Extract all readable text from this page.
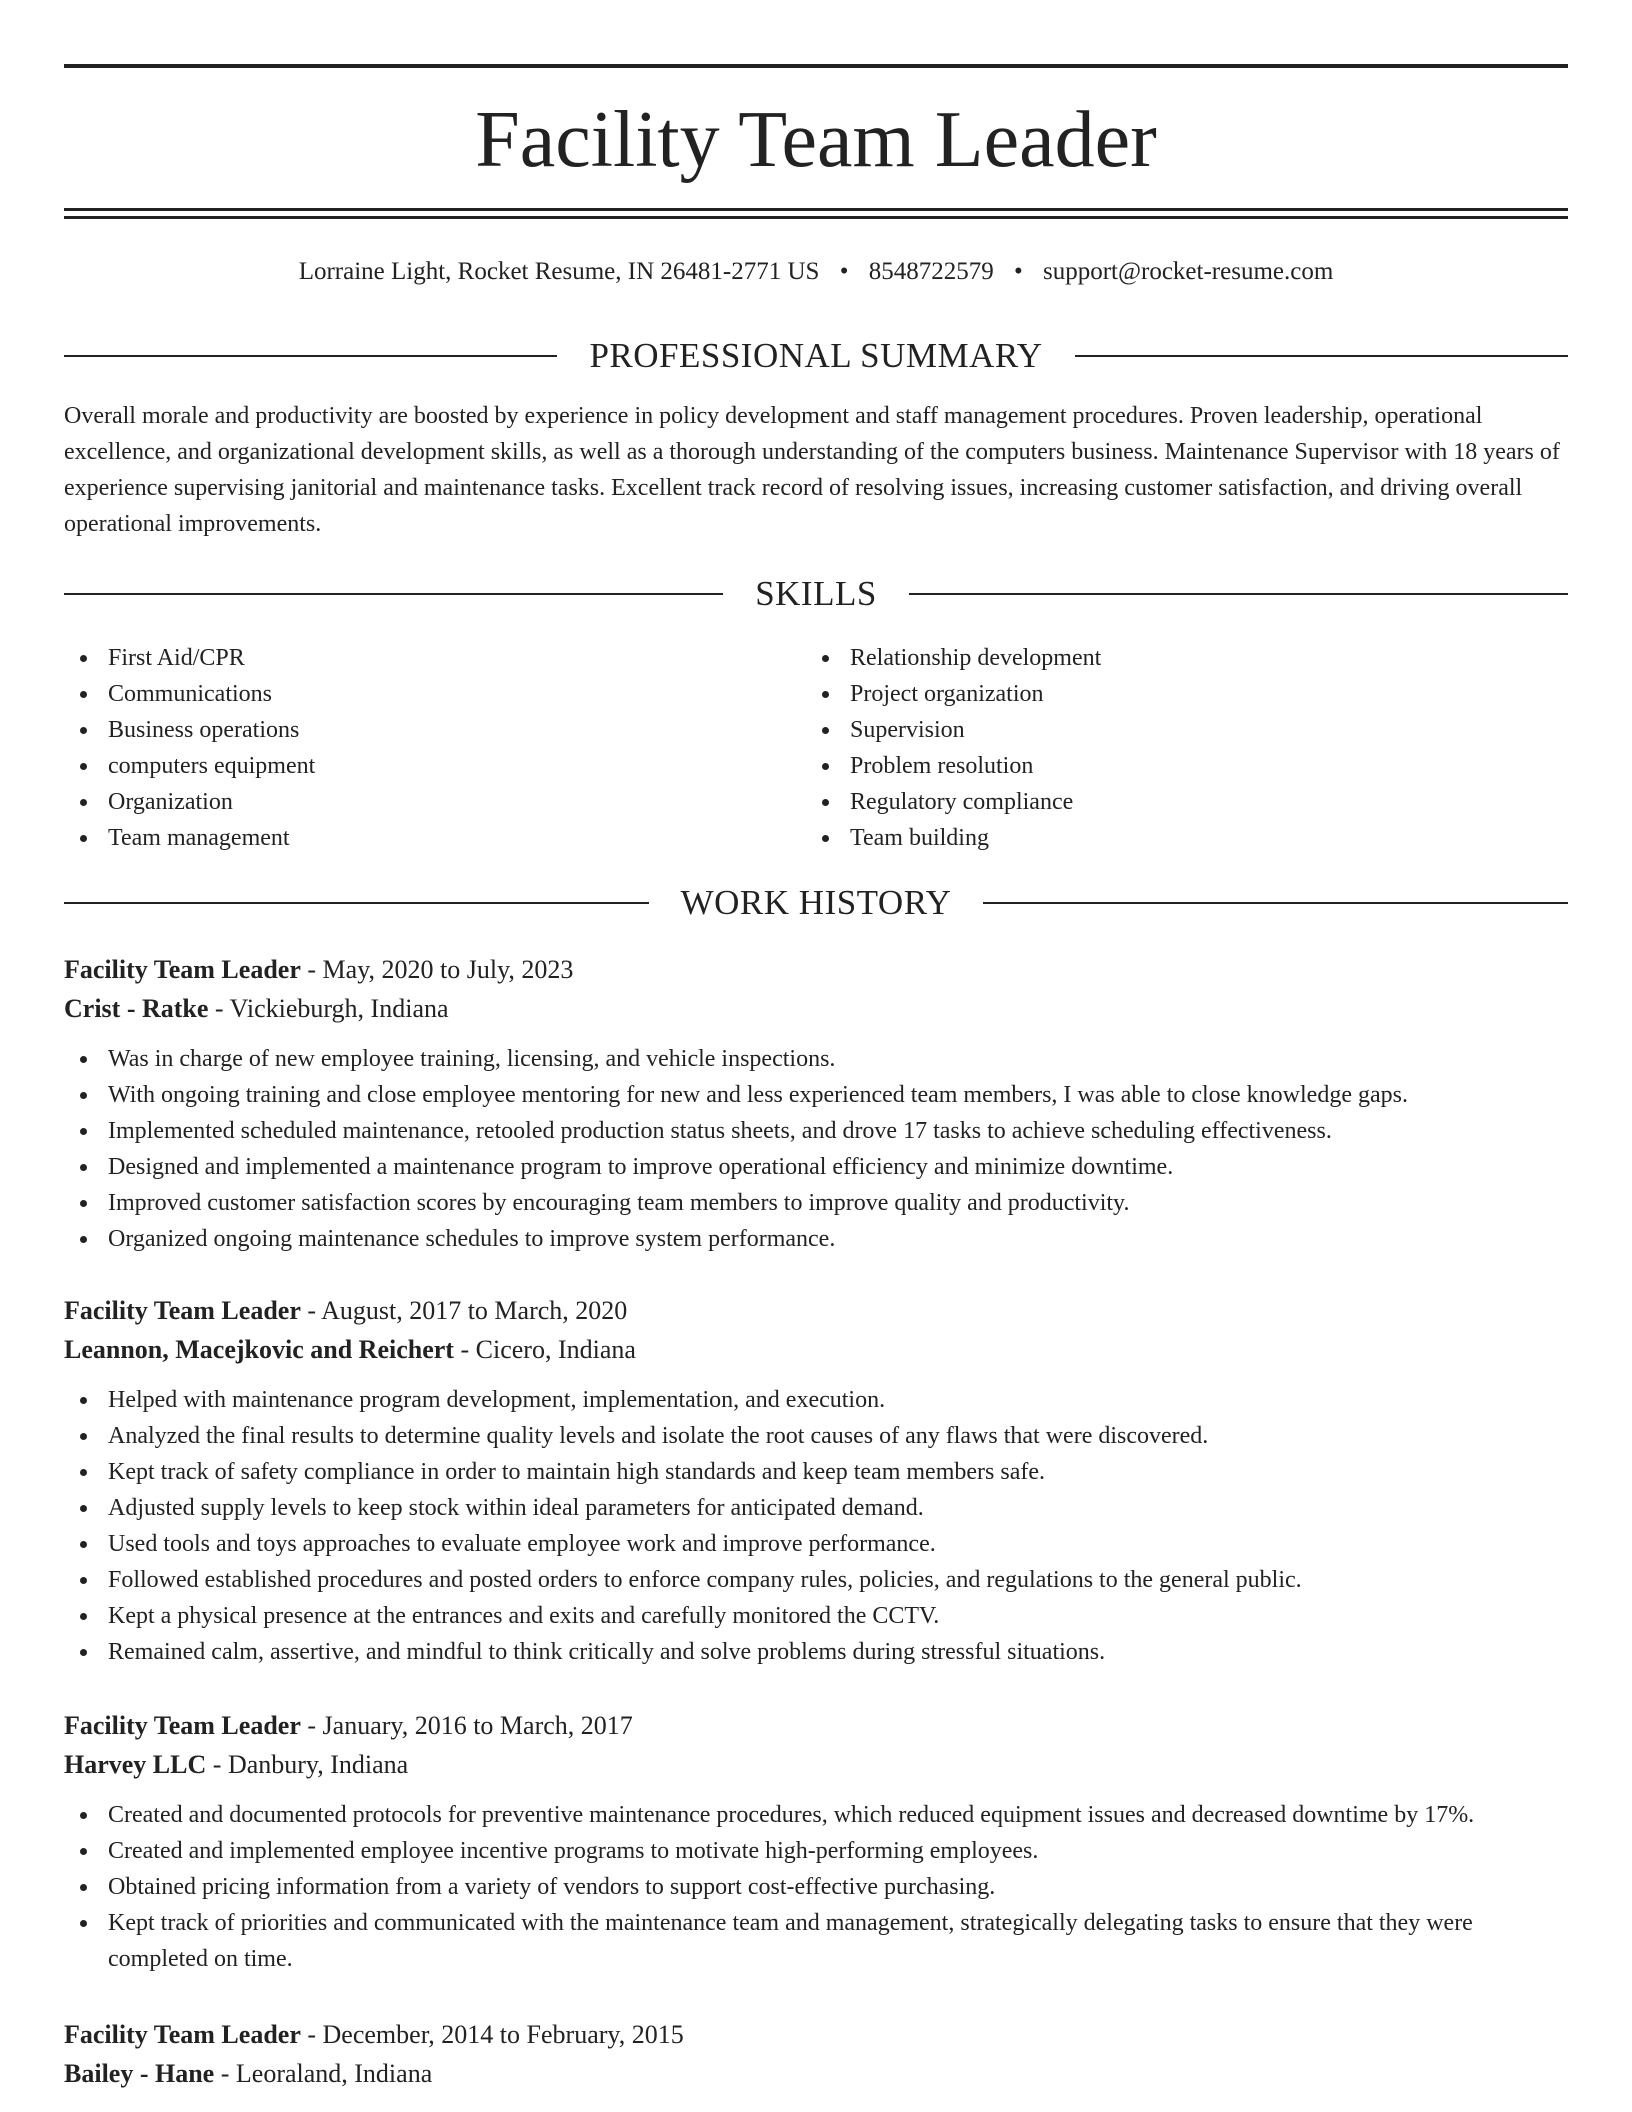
Facility Team Leader
Lorraine Light, Rocket Resume, IN 26481-2771 US • 8548722579 • support@rocket-resume.com
PROFESSIONAL SUMMARY

Overall morale and productivity are boosted by experience in policy development and staff management procedures. Proven leadership, operational excellence, and organizational development skills, as well as a thorough understanding of the computers business. Maintenance Supervisor with 18 years of experience supervising janitorial and maintenance tasks. Excellent track record of resolving issues, increasing customer satisfaction, and driving overall operational improvements.

SKILLS
First Aid/CPR
Communications
Business operations
computers equipment
Organization
Team management
Relationship development
Project organization
Supervision
Problem resolution
Regulatory compliance
Team building
WORK HISTORY
Facility Team Leader - May, 2020 to July, 2023
Crist - Ratke - Vickieburgh, Indiana
Was in charge of new employee training, licensing, and vehicle inspections.
With ongoing training and close employee mentoring for new and less experienced team members, I was able to close knowledge gaps.
Implemented scheduled maintenance, retooled production status sheets, and drove 17 tasks to achieve scheduling effectiveness.
Designed and implemented a maintenance program to improve operational efficiency and minimize downtime.
Improved customer satisfaction scores by encouraging team members to improve quality and productivity.
Organized ongoing maintenance schedules to improve system performance.
Facility Team Leader - August, 2017 to March, 2020
Leannon, Macejkovic and Reichert - Cicero, Indiana
Helped with maintenance program development, implementation, and execution.
Analyzed the final results to determine quality levels and isolate the root causes of any flaws that were discovered.
Kept track of safety compliance in order to maintain high standards and keep team members safe.
Adjusted supply levels to keep stock within ideal parameters for anticipated demand.
Used tools and toys approaches to evaluate employee work and improve performance.
Followed established procedures and posted orders to enforce company rules, policies, and regulations to the general public.
Kept a physical presence at the entrances and exits and carefully monitored the CCTV.
Remained calm, assertive, and mindful to think critically and solve problems during stressful situations.
Facility Team Leader - January, 2016 to March, 2017
Harvey LLC - Danbury, Indiana
Created and documented protocols for preventive maintenance procedures, which reduced equipment issues and decreased downtime by 17%.
Created and implemented employee incentive programs to motivate high-performing employees.
Obtained pricing information from a variety of vendors to support cost-effective purchasing.
Kept track of priorities and communicated with the maintenance team and management, strategically delegating tasks to ensure that they were completed on time.
Facility Team Leader - December, 2014 to February, 2015
Bailey - Hane - Leoraland, Indiana
